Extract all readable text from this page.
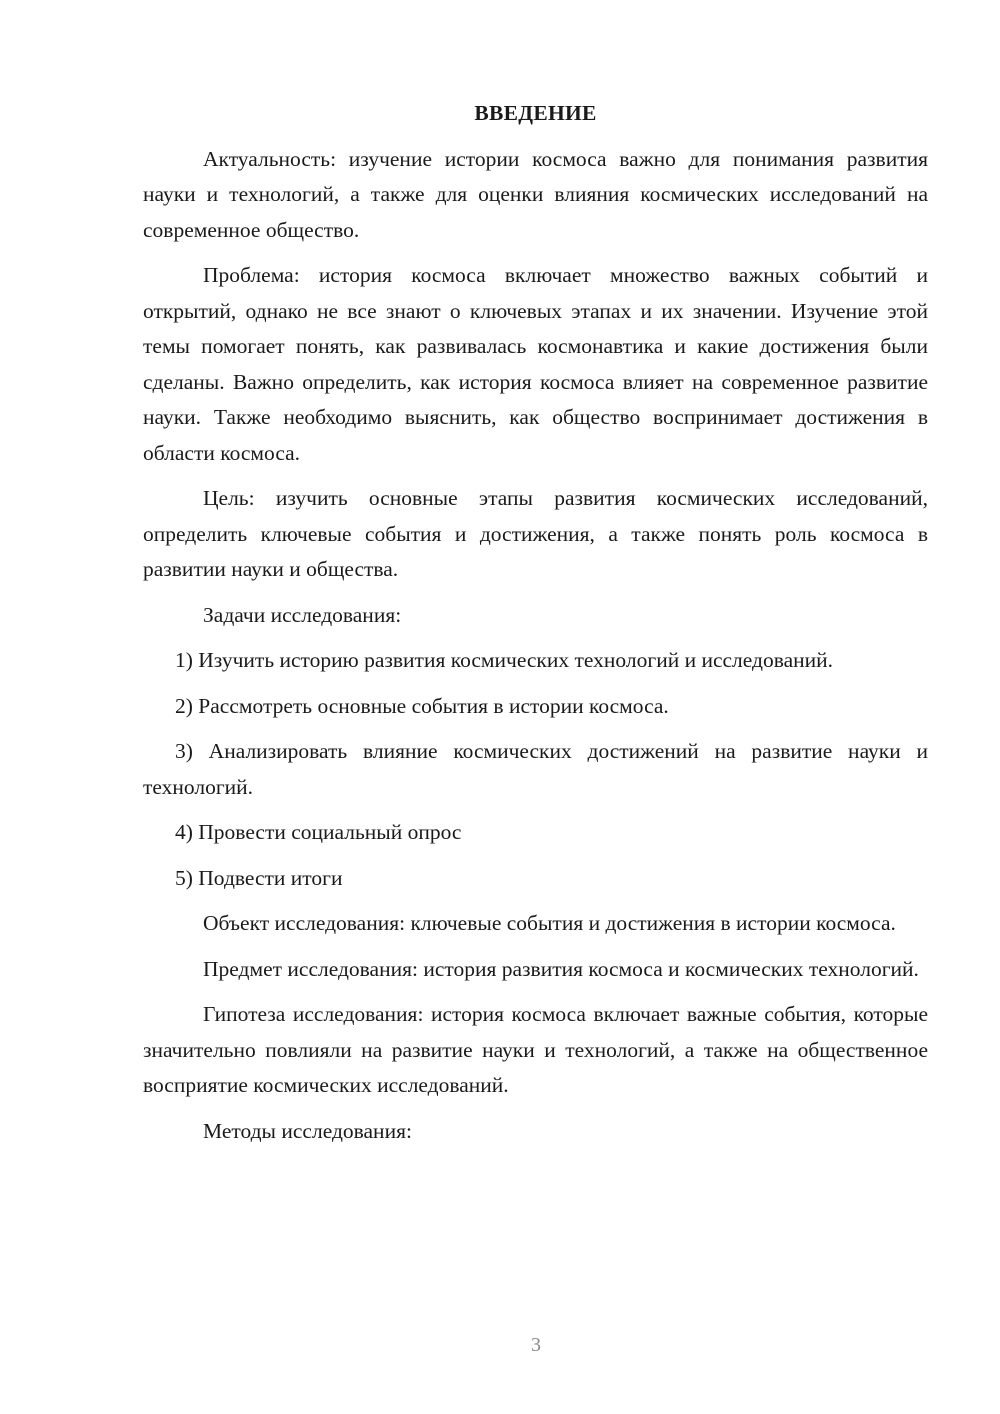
ВВЕДЕНИЕ

Актуальность: изучение истории космоса важно для понимания развития науки и технологий, а также для оценки влияния космических исследований на современное общество.

Проблема: история космоса включает множество важных событий и открытий, однако не все знают о ключевых этапах и их значении. Изучение этой темы помогает понять, как развивалась космонавтика и какие достижения были сделаны. Важно определить, как история космоса влияет на современное развитие науки. Также необходимо выяснить, как общество воспринимает достижения в области космоса.

Цель: изучить основные этапы развития космических исследований, определить ключевые события и достижения, а также понять роль космоса в развитии науки и общества.

Задачи исследования:

1) Изучить историю развития космических технологий и исследований.

2) Рассмотреть основные события в истории космоса.

3) Анализировать влияние космических достижений на развитие науки и технологий.

4) Провести социальный опрос

5) Подвести итоги

Объект исследования: ключевые события и достижения в истории космоса.

Предмет исследования: история развития космоса и космических технологий.

Гипотеза исследования: история космоса включает важные события, которые значительно повлияли на развитие науки и технологий, а также на общественное восприятие космических исследований.

Методы исследования:

3
